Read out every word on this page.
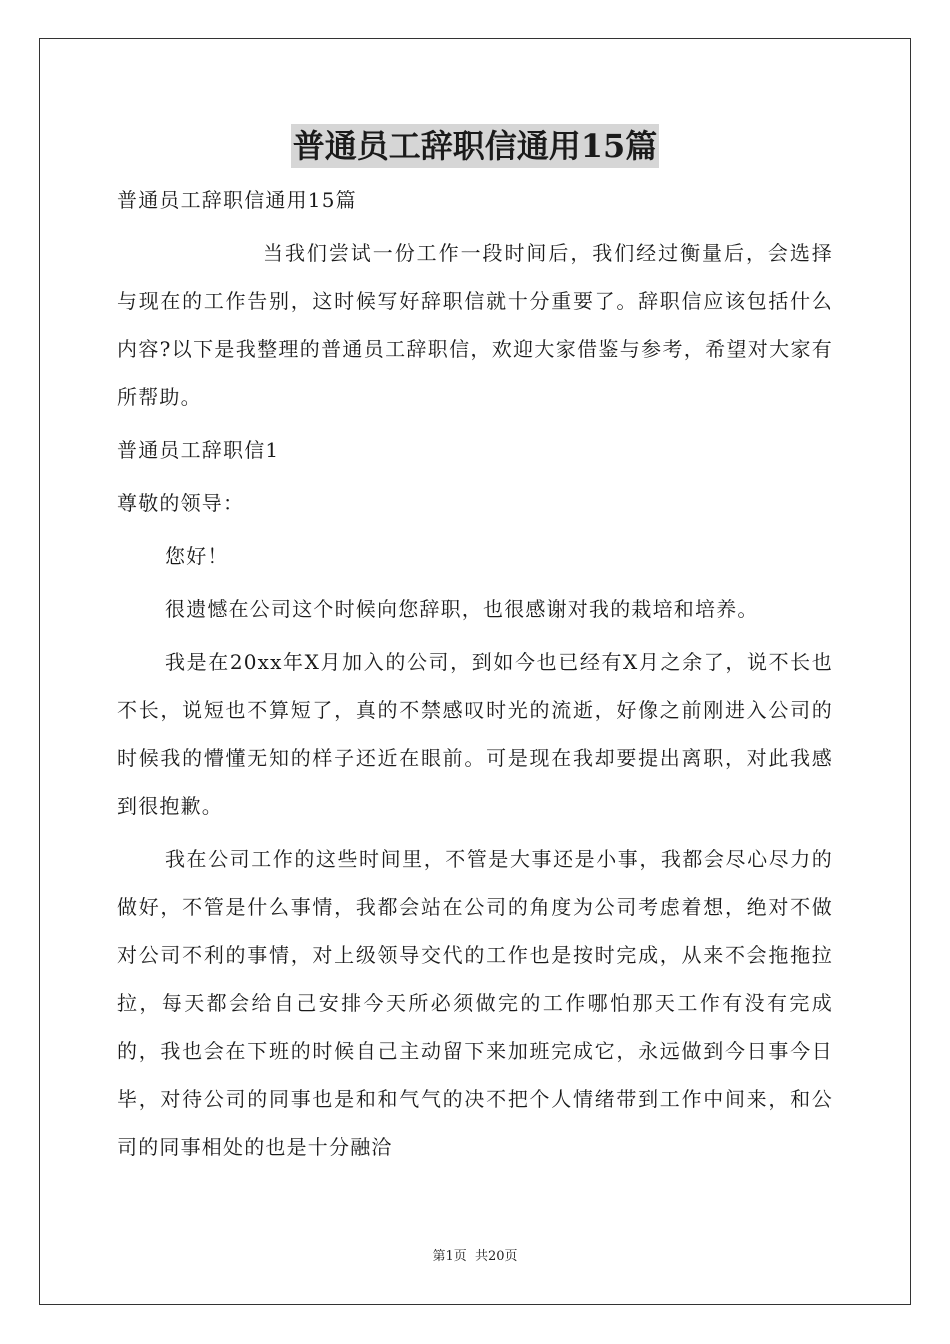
普通员工辞职信通用15篇

普通员工辞职信通用15篇

当我们尝试一份工作一段时间后，我们经过衡量后，会选择与现在的工作告别，这时候写好辞职信就十分重要了。辞职信应该包括什么内容?以下是我整理的普通员工辞职信，欢迎大家借鉴与参考，希望对大家有所帮助。

普通员工辞职信1

尊敬的领导：

您好！

很遗憾在公司这个时候向您辞职，也很感谢对我的栽培和培养。

我是在20xx年X月加入的公司，到如今也已经有X月之余了，说不长也不长，说短也不算短了，真的不禁感叹时光的流逝，好像之前刚进入公司的时候我的懵懂无知的样子还近在眼前。可是现在我却要提出离职，对此我感到很抱歉。

我在公司工作的这些时间里，不管是大事还是小事，我都会尽心尽力的做好，不管是什么事情，我都会站在公司的角度为公司考虑着想，绝对不做对公司不利的事情，对上级领导交代的工作也是按时完成，从来不会拖拖拉拉，每天都会给自己安排今天所必须做完的工作哪怕那天工作有没有完成的，我也会在下班的时候自己主动留下来加班完成它，永远做到今日事今日毕，对待公司的同事也是和和气气的决不把个人情绪带到工作中间来，和公司的同事相处的也是十分融洽

第1页 共20页
